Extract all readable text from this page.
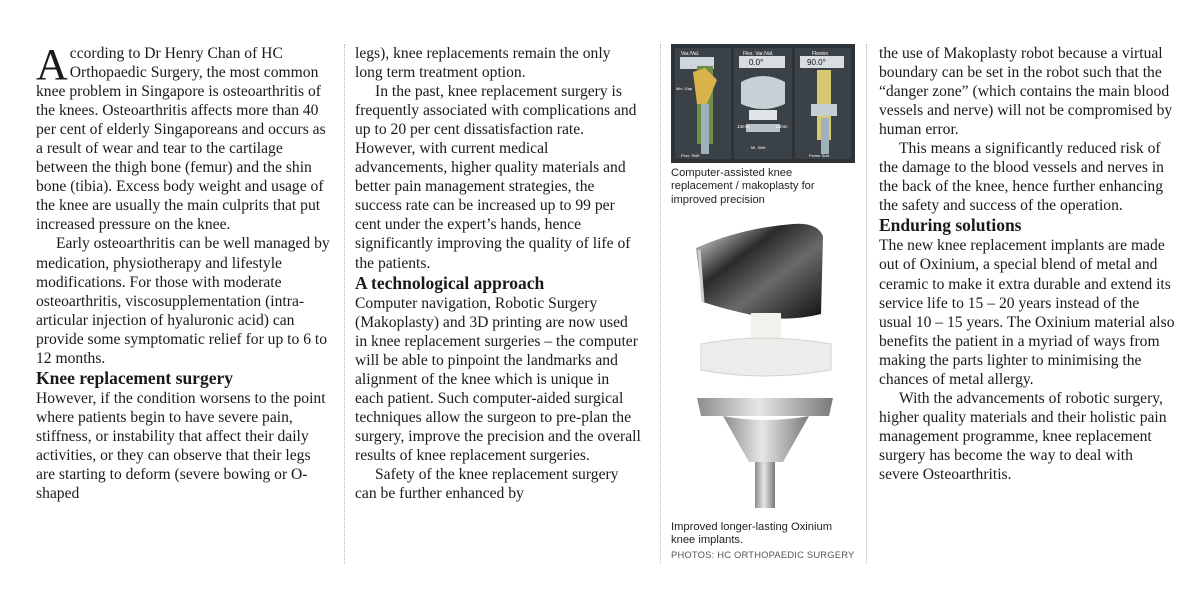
According to Dr Henry Chan of HC Orthopaedic Surgery, the most common knee problem in Singapore is osteoarthritis of the knees. Osteoarthritis affects more than 40 per cent of elderly Singaporeans and occurs as a result of wear and tear to the cartilage between the thigh bone (femur) and the shin bone (tibia). Excess body weight and usage of the knee are usually the main culprits that put increased pressure on the knee.

Early osteoarthritis can be well managed by medication, physiotherapy and lifestyle modifications. For those with moderate osteoarthritis, viscosupplementation (intra-articular injection of hyaluronic acid) can provide some symptomatic relief for up to 6 to 12 months.

Knee replacement surgery

However, if the condition worsens to the point where patients begin to have severe pain, stiffness, or instability that affect their daily activities, or they can observe that their legs are starting to deform (severe bowing or O-shaped

legs), knee replacements remain the only long term treatment option.

In the past, knee replacement surgery is frequently associated with complications and up to 20 per cent dissatisfaction rate. However, with current medical advancements, higher quality materials and better pain management strategies, the success rate can be increased up to 99 per cent under the expert’s hands, hence significantly improving the quality of life of the patients.

A technological approach

Computer navigation, Robotic Surgery (Makoplasty) and 3D printing are now used in knee replacement surgeries – the computer will be able to pinpoint the landmarks and alignment of the knee which is unique in each patient. Such computer-aided surgical techniques allow the surgeon to pre-plan the surgery, improve the precision and the overall results of knee replacement surgeries.

Safety of the knee replacement surgery can be further enhanced by

Var./Val.	Flex. Var./Val.
0.0°
Flexion
90.0°
Min. Gap
13mm	13mm
Prox. Shift
Ml. Shift
Femur Size
Computer-assisted knee replacement / makoplasty for improved precision
Improved longer-lasting Oxinium knee implants.
PHOTOS: HC ORTHOPAEDIC SURGERY

the use of Makoplasty robot because a virtual boundary can be set in the robot such that the “danger zone” (which contains the main blood vessels and nerve) will not be compromised by human error.

This means a significantly reduced risk of the damage to the blood vessels and nerves in the back of the knee, hence further enhancing the safety and success of the operation.

Enduring solutions

The new knee replacement implants are made out of Oxinium, a special blend of metal and ceramic to make it extra durable and extend its service life to 15 – 20 years instead of the usual 10 – 15 years. The Oxinium material also benefits the patient in a myriad of ways from making the parts lighter to minimising the chances of metal allergy.

With the advancements of robotic surgery, higher quality materials and their holistic pain management programme, knee replacement surgery has become the way to deal with severe Osteoarthritis.
